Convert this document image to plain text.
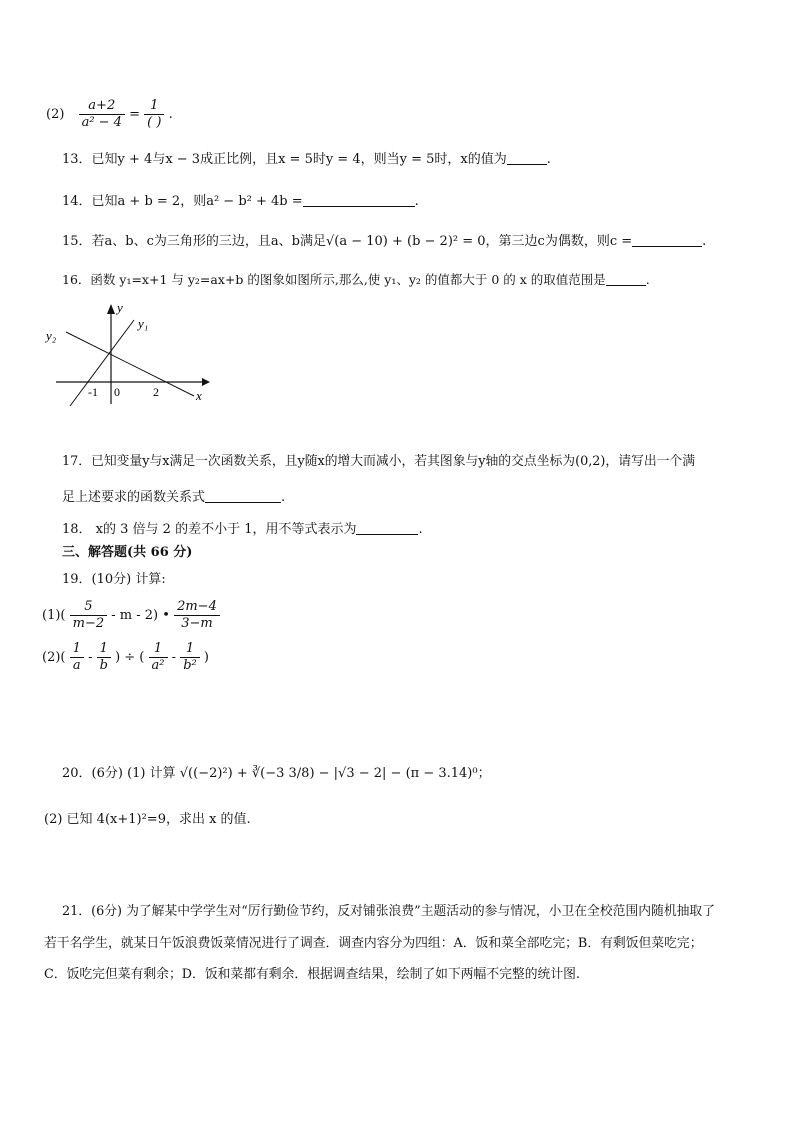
$(2) \frac{a+2}{\text{a² − 4}} = \frac{1}{( )}$ .
13．已知y + 4与x − 3成正比例，且x = 5时y = 4，则当y = 5时，x的值为	.
14．已知a + b = 2，则a² − b² + 4b =	.
15．若a、b、c为三角形的三边，且a、b满足√(a − 10) + (b − 2)² = 0，第三边c为偶数，则c =	.
16．函数 y₁=x+1 与 y₂=ax+b 的图象如图所示,那么,使 y₁、y₂ 的值都大于 0 的 x 的取值范围是	.
y
x
y₁
y₂
-1 0	2
17．已知变量y与x满足一次函数关系，且y随x的增大而减小，若其图象与y轴的交点坐标为(0,2)，请写出一个满
足上述要求的函数关系式	.
18． x的 3 倍与 2 的差不小于 1，用不等式表示为	.
三、解答题(共 66 分)
19．(10分) 计算:
$(1)( \frac{5}{m-2}$ - m - 2) • $\frac{2m-4}{3-m}$
$(2)( \frac{1}{a} - \frac{1}{b}$ ) ÷ ( $\frac{1}{\text{a²}} - \frac{1}{\text{b²}}$ )
20．(6分) (1) 计算 √((−2)²) + ∛(−3 3/8) − |√3 − 2| − (π − 3.14)⁰；
(2) 已知 4(x+1)²=9，求出 x 的值.
21．(6分) 为了解某中学学生对“厉行勤俭节约，反对铺张浪费”主题活动的参与情况，小卫在全校范围内随机抽取了
若干名学生，就某日午饭浪费饭菜情况进行了调查．调查内容分为四组：A．饭和菜全部吃完；B．有剩饭但菜吃完；
C．饭吃完但菜有剩余；D．饭和菜都有剩余．根据调查结果，绘制了如下两幅不完整的统计图.
